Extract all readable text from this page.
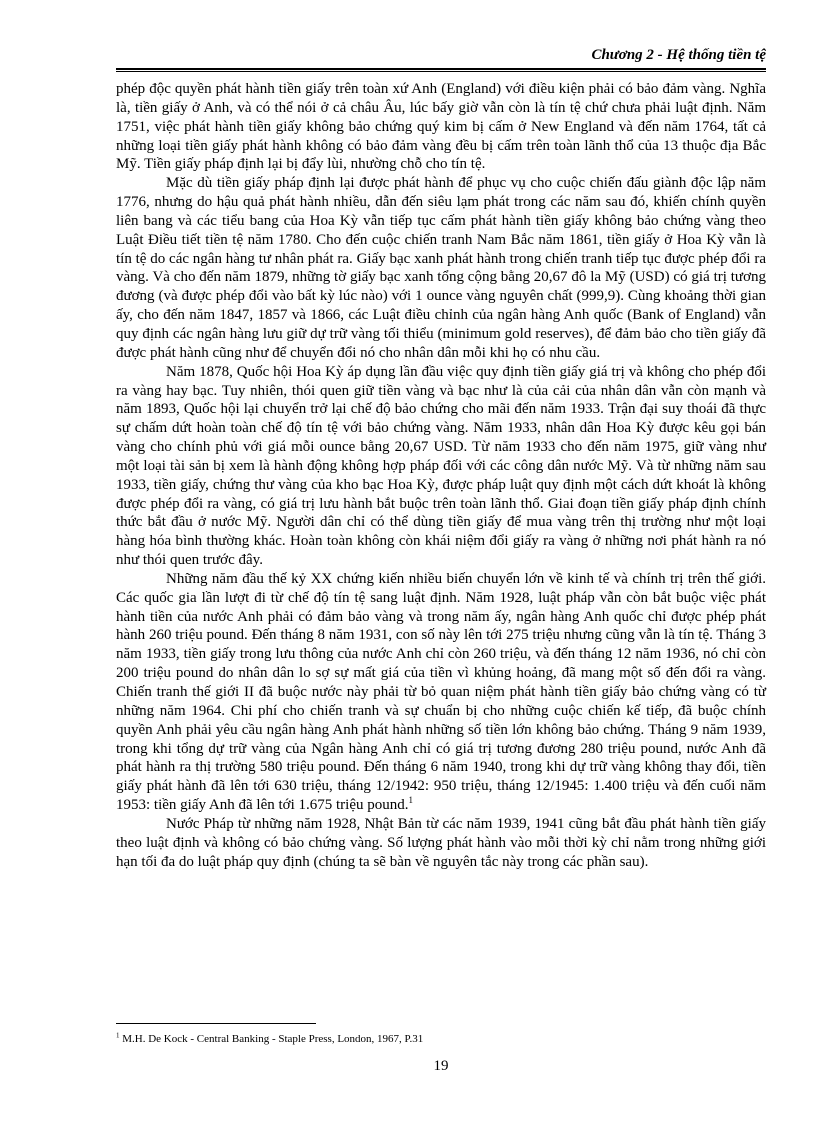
Chương 2 - Hệ thống tiền tệ

phép độc quyền phát hành tiền giấy trên toàn xứ Anh (England) với điều kiện phải có bảo đảm vàng. Nghĩa là, tiền giấy ở Anh, và có thể nói ở cả châu Âu, lúc bấy giờ vẫn còn là tín tệ chứ chưa phải luật định. Năm 1751, việc phát hành tiền giấy không bảo chứng quý kim bị cấm ở New England và đến năm 1764, tất cả những loại tiền giấy phát hành không có bảo đảm vàng đều bị cấm trên toàn lãnh thổ của 13 thuộc địa Bắc Mỹ. Tiền giấy pháp định lại bị đẩy lùi, nhường chỗ cho tín tệ.

Mặc dù tiền giấy pháp định lại được phát hành để phục vụ cho cuộc chiến đấu giành độc lập năm 1776, nhưng do hậu quả phát hành nhiều, dẫn đến siêu lạm phát trong các năm sau đó, khiến chính quyền liên bang và các tiểu bang của Hoa Kỳ vẫn tiếp tục cấm phát hành tiền giấy không bảo chứng vàng theo Luật Điều tiết tiền tệ năm 1780. Cho đến cuộc chiến tranh Nam Bắc năm 1861, tiền giấy ở Hoa Kỳ vẫn là tín tệ do các ngân hàng tư nhân phát ra. Giấy bạc xanh phát hành trong chiến tranh tiếp tục được phép đổi ra vàng. Và cho đến năm 1879, những tờ giấy bạc xanh tổng cộng bằng 20,67 đô la Mỹ (USD) có giá trị tương đương (và được phép đổi vào bất kỳ lúc nào) với 1 ounce vàng nguyên chất (999,9). Cùng khoảng thời gian ấy, cho đến năm 1847, 1857 và 1866, các Luật điều chỉnh của ngân hàng Anh quốc (Bank of England) vẫn quy định các ngân hàng lưu giữ dự trữ vàng tối thiểu (minimum gold reserves), để đảm bảo cho tiền giấy đã được phát hành cũng như để chuyển đổi nó cho nhân dân mỗi khi họ có nhu cầu.

Năm 1878, Quốc hội Hoa Kỳ áp dụng lần đầu việc quy định tiền giấy giá trị và không cho phép đổi ra vàng hay bạc. Tuy nhiên, thói quen giữ tiền vàng và bạc như là của cải của nhân dân vẫn còn mạnh và năm 1893, Quốc hội lại chuyển trở lại chế độ bảo chứng cho mãi đến năm 1933. Trận đại suy thoái đã thực sự chấm dứt hoàn toàn chế độ tín tệ với bảo chứng vàng. Năm 1933, nhân dân Hoa Kỳ được kêu gọi bán vàng cho chính phủ với giá mỗi ounce bằng 20,67 USD. Từ năm 1933 cho đến năm 1975, giữ vàng như một loại tài sản bị xem là hành động không hợp pháp đối với các công dân nước Mỹ. Và từ những năm sau 1933, tiền giấy, chứng thư vàng của kho bạc Hoa Kỳ, được pháp luật quy định một cách dứt khoát là không được phép đổi ra vàng, có giá trị lưu hành bắt buộc trên toàn lãnh thổ. Giai đoạn tiền giấy pháp định chính thức bắt đầu ở nước Mỹ. Người dân chỉ có thể dùng tiền giấy để mua vàng trên thị trường như một loại hàng hóa bình thường khác. Hoàn toàn không còn khái niệm đổi giấy ra vàng ở những nơi phát hành ra nó như thói quen trước đây.

Những năm đầu thế kỷ XX chứng kiến nhiều biến chuyển lớn về kinh tế và chính trị trên thế giới. Các quốc gia lần lượt đi từ chế độ tín tệ sang luật định. Năm 1928, luật pháp vẫn còn bắt buộc việc phát hành tiền của nước Anh phải có đảm bảo vàng và trong năm ấy, ngân hàng Anh quốc chỉ được phép phát hành 260 triệu pound. Đến tháng 8 năm 1931, con số này lên tới 275 triệu nhưng cũng vẫn là tín tệ. Tháng 3 năm 1933, tiền giấy trong lưu thông của nước Anh chỉ còn 260 triệu, và đến tháng 12 năm 1936, nó chỉ còn 200 triệu pound do nhân dân lo sợ sự mất giá của tiền vì khủng hoảng, đã mang một số đến đổi ra vàng. Chiến tranh thế giới II đã buộc nước này phải từ bỏ quan niệm phát hành tiền giấy bảo chứng vàng có từ những năm 1964. Chi phí cho chiến tranh và sự chuẩn bị cho những cuộc chiến kế tiếp, đã buộc chính quyền Anh phải yêu cầu ngân hàng Anh phát hành những số tiền lớn không bảo chứng. Tháng 9 năm 1939, trong khi tổng dự trữ vàng của Ngân hàng Anh chỉ có giá trị tương đương 280 triệu pound, nước Anh đã phát hành ra thị trường 580 triệu pound. Đến tháng 6 năm 1940, trong khi dự trữ vàng không thay đổi, tiền giấy phát hành đã lên tới 630 triệu, tháng 12/1942: 950 triệu, tháng 12/1945: 1.400 triệu và đến cuối năm 1953: tiền giấy Anh đã lên tới 1.675 triệu pound.$^1$

Nước Pháp từ những năm 1928, Nhật Bản từ các năm 1939, 1941 cũng bắt đầu phát hành tiền giấy theo luật định và không có bảo chứng vàng. Số lượng phát hành vào mỗi thời kỳ chỉ nằm trong những giới hạn tối đa do luật pháp quy định (chúng ta sẽ bàn về nguyên tắc này trong các phần sau).

$^1$ M.H. De Kock - Central Banking - Staple Press, London, 1967, P.31
19
